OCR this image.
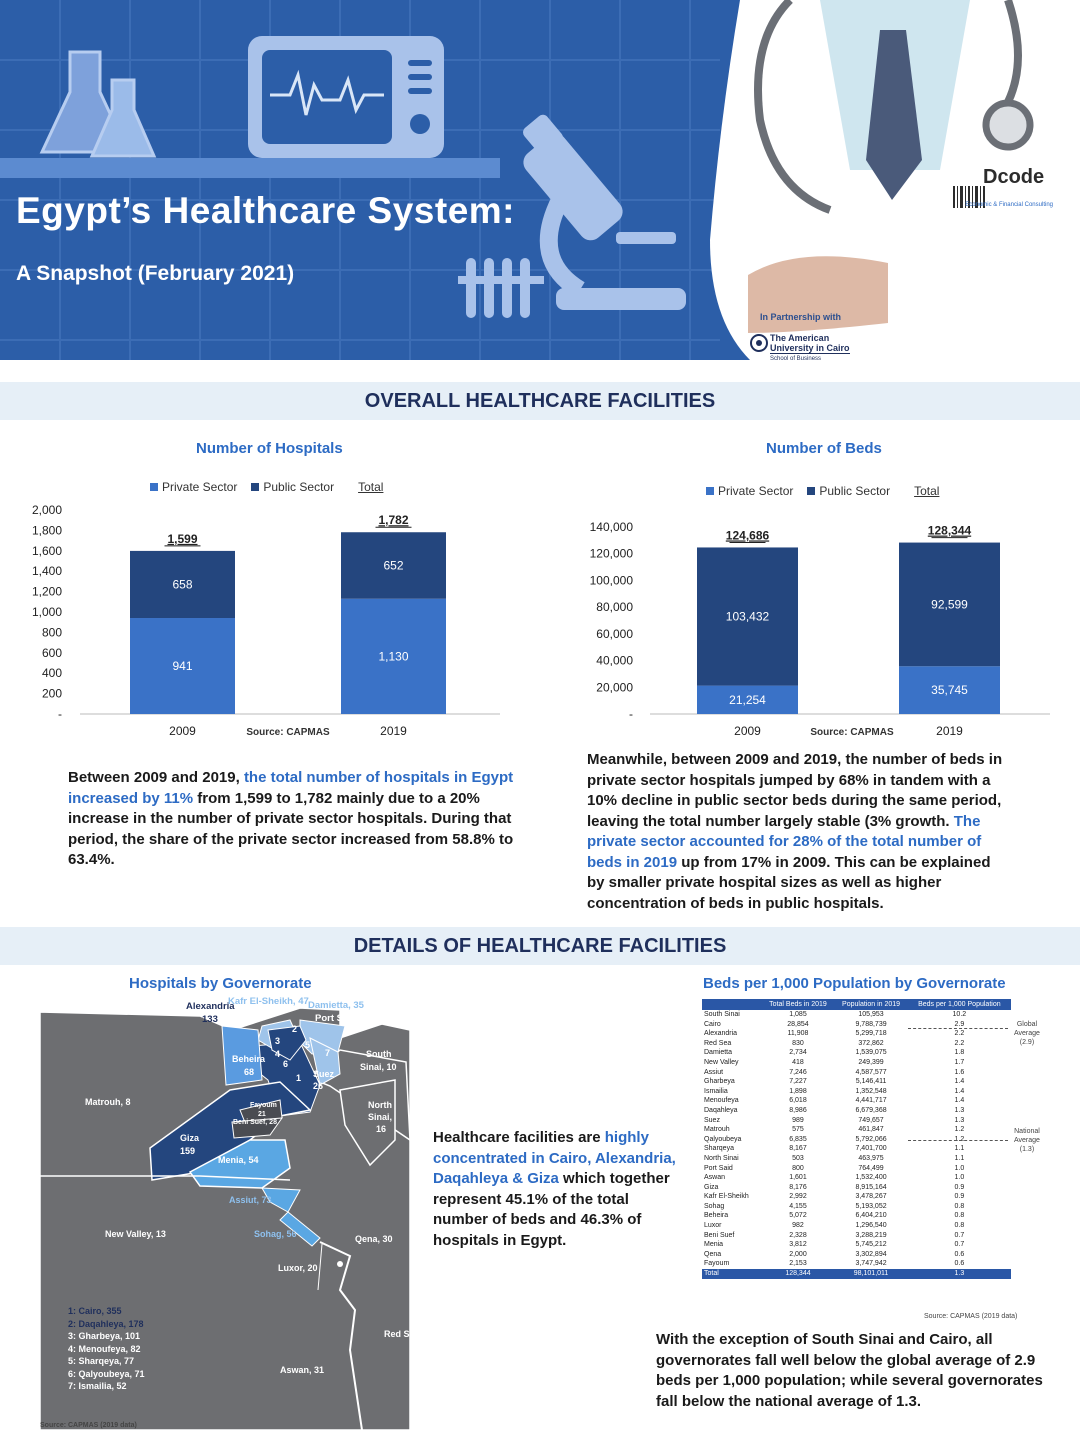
Egypt’s Healthcare System:
A Snapshot (February 2021)
Dcode
Economic & Financial Consulting
In Partnership with
The American
University in Cairo
School of Business
OVERALL HEALTHCARE FACILITIES
Number of Hospitals
Private Sector	Public Sector Total
2,000
1,800
1,600
1,400
1,200
1,000
800
600
400
200
-
941
658
1,599
2009
1,130
652
1,782
2019
Source: CAPMAS
Number of Beds
Private Sector	Public Sector Total
140,000
120,000
100,000
80,000
60,000
40,000
20,000
-
21,254
103,432
124,686
2009
35,745
92,599
128,344
2019
Source: CAPMAS
Between 2009 and 2019, the total number of hospitals in Egypt increased by 11% from 1,599 to 1,782 mainly due to a 20% increase in the number of private sector hospitals. During that period, the share of the private sector increased from 58.8% to 63.4%.
Meanwhile, between 2009 and 2019, the number of beds in private sector hospitals jumped by 68% in tandem with a 10% decline in public sector beds during the same period, leaving the total number largely stable (3% growth. The private sector accounted for 28% of the total number of beds in 2019 up from 17% in 2009. This can be explained by smaller private hospital sizes as well as higher concentration of beds in public hospitals.
DETAILS OF HEALTHCARE FACILITIES
Hospitals by Governorate
Kafr El-Sheikh, 47 Damietta, 35
Alexandria
133	Port Said, 18
Beheira
68
South
Sinai, 10
Suez
26
Matrouh, 8	Fayoum
21
Beni Suef, 28
North
Sinai,
16
Giza
159
Menia, 54
Assiut, 73
New Valley, 13	Sohag, 56	Qena, 30
Luxor, 20
Red Sea, 20
Aswan, 31
1
2
3
4
5
6
7
1: Cairo, 355
2: Daqahleya, 178
3: Gharbeya, 101
4: Menoufeya, 82
5: Sharqeya, 77
6: Qalyoubeya, 71
7: Ismailia, 52
Source: CAPMAS (2019 data)
Healthcare facilities are highly concentrated in Cairo, Alexandria, Daqahleya & Giza which together represent 45.1% of the total number of beds and 46.3% of hospitals in Egypt.
Beds per 1,000 Population by Governorate
	Total Beds in 2019	Population in 2019	Beds per 1,000 Population
South Sinai	1,085	105,953	10.2
Cairo	28,854	9,788,739	2.9
Alexandria	11,908	5,299,718	2.2
Red Sea	830	372,862	2.2
Damietta	2,734	1,539,075	1.8
New Valley	418	249,399	1.7
Assiut	7,246	4,587,577	1.6
Gharbeya	7,227	5,146,411	1.4
Ismailia	1,898	1,352,548	1.4
Menoufeya	6,018	4,441,717	1.4
Daqahleya	8,986	6,679,368	1.3
Suez	989	749,657	1.3
Matrouh	575	461,847	1.2
Qalyoubeya	6,835	5,792,066	1.2
Sharqeya	8,167	7,401,700	1.1
North Sinai	503	463,975	1.1
Port Said	800	764,499	1.0
Aswan	1,601	1,532,400	1.0
Giza	8,176	8,915,164	0.9
Kafr El-Sheikh	2,992	3,478,267	0.9
Sohag	4,155	5,193,052	0.8
Beheira	5,072	6,404,210	0.8
Luxor	982	1,296,540	0.8
Beni Suef	2,328	3,288,219	0.7
Menia	3,812	5,745,212	0.7
Qena	2,000	3,302,894	0.6
Fayoum	2,153	3,747,942	0.6
Total	128,344	98,101,011	1.3
Global
Average
(2.9)
National
Average
(1.3)
Source: CAPMAS (2019 data)
With the exception of South Sinai and Cairo, all governorates fall well below the global average of 2.9 beds per 1,000 population; while several governorates fall below the national average of 1.3.
